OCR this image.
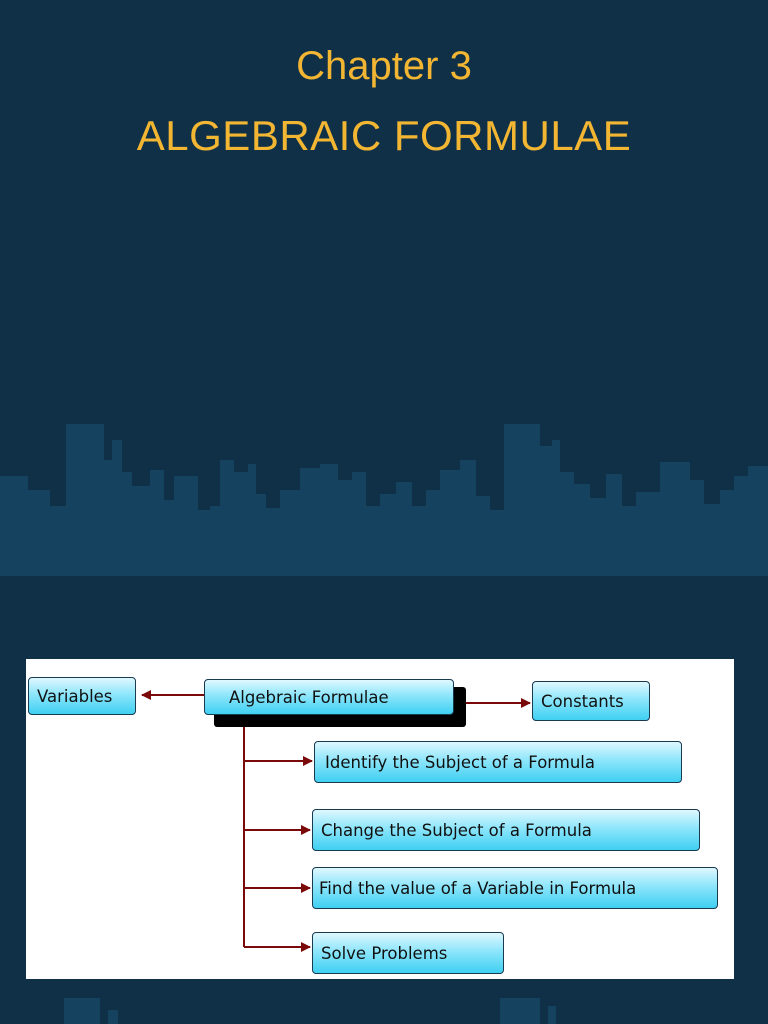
Chapter 3
ALGEBRAIC FORMULAE
Variables	Algebraic Formulae	Constants
Identify the Subject of a Formula
Change the Subject of a Formula
Find the value of a Variable in Formula
Solve Problems
